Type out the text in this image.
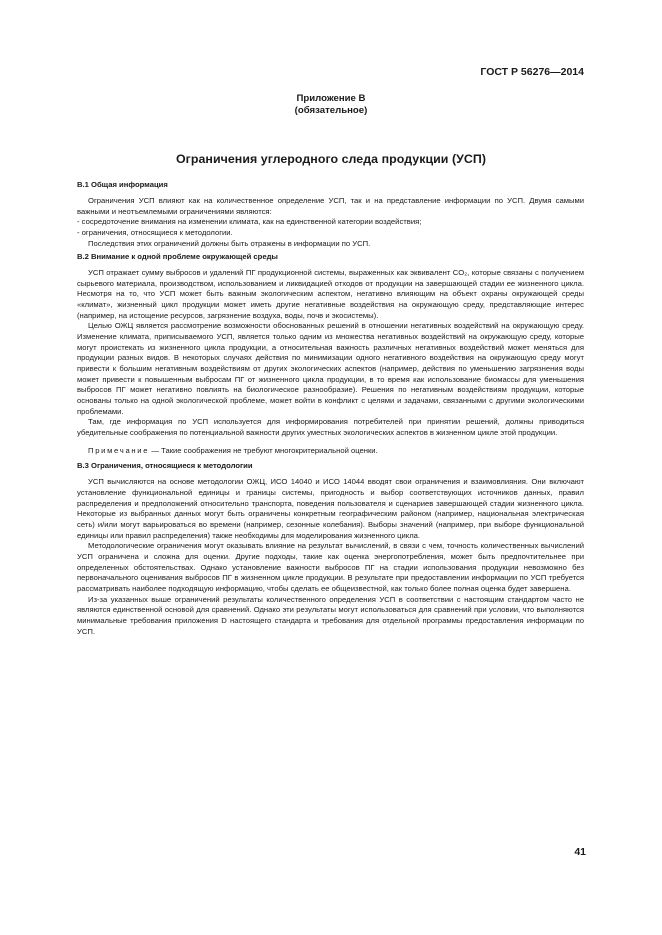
ГОСТ Р 56276—2014
Приложение В
(обязательное)
Ограничения углеродного следа продукции (УСП)

В.1 Общая информация

Ограничения УСП влияют как на количественное определение УСП, так и на представление информации по УСП. Двумя самыми важными и неотъемлемыми ограничениями являются:

- сосредоточение внимания на изменении климата, как на единственной категории воздействия;

- ограничения, относящиеся к методологии.

Последствия этих ограничений должны быть отражены в информации по УСП.

В.2 Внимание к одной проблеме окружающей среды

УСП отражает сумму выбросов и удалений ПГ продукционной системы, выраженных как эквивалент CO₂, которые связаны с получением сырьевого материала, производством, использованием и ликвидацией отходов от продукции на завершающей стадии ее жизненного цикла. Несмотря на то, что УСП может быть важным экологическим аспектом, негативно влияющим на объект охраны окружающей среды «климат», жизненный цикл продукции может иметь другие негативные воздействия на окружающую среду, представляющие интерес (например, на истощение ресурсов, загрязнение воздуха, воды, почв и экосистемы).

Целью ОЖЦ является рассмотрение возможности обоснованных решений в отношении негативных воздействий на окружающую среду. Изменение климата, приписываемого УСП, является только одним из множества негативных воздействий на окружающую среду, которые могут проистекать из жизненного цикла продукции, а относительная важность различных негативных воздействий может меняться для продукции разных видов. В некоторых случаях действия по минимизации одного негативного воздействия на окружающую среду могут привести к большим негативным воздействиям от других экологических аспектов (например, действия по уменьшению загрязнения воды может привести к повышенным выбросам ПГ от жизненного цикла продукции, в то время как использование биомассы для уменьшения выбросов ПГ может негативно повлиять на биологическое разнообразие). Решения по негативным воздействиям продукции, которые основаны только на одной экологической проблеме, может войти в конфликт с целями и задачами, связанными с другими экологическими проблемами.

Там, где информация по УСП используется для информирования потребителей при принятии решений, должны приводиться убедительные соображения по потенциальной важности других уместных экологических аспектов в жизненном цикле этой продукции.

Примечание — Такие соображения не требуют многокритериальной оценки.

В.3 Ограничения, относящиеся к методологии

УСП вычисляются на основе методологии ОЖЦ, ИСО 14040 и ИСО 14044 вводят свои ограничения и взаимовлияния. Они включают установление функциональной единицы и границы системы, пригодность и выбор соответствующих источников данных, правил распределения и предположений относительно транспорта, поведения пользователя и сценариев завершающей стадии жизненного цикла. Некоторые из выбранных данных могут быть ограничены конкретным географическим районом (например, национальная электрическая сеть) и/или могут варьироваться во времени (например, сезонные колебания). Выборы значений (например, при выборе функциональной единицы или правил распределения) также необходимы для моделирования жизненного цикла.

Методологические ограничения могут оказывать влияние на результат вычислений, в связи с чем, точность количественных вычислений УСП ограничена и сложна для оценки. Другие подходы, такие как оценка энергопотребления, может быть предпочтительнее при определенных обстоятельствах. Однако установление важности выбросов ПГ на стадии использования продукции невозможно без первоначального оценивания выбросов ПГ в жизненном цикле продукции. В результате при предоставлении информации по УСП требуется рассматривать наиболее подходящую информацию, чтобы сделать ее общеизвестной, как только более полная оценка будет завершена.

Из-за указанных выше ограничений результаты количественного определения УСП в соответствии с настоящим стандартом часто не являются единственной основой для сравнений. Однако эти результаты могут использоваться для сравнений при условии, что выполняются минимальные требования приложения D настоящего стандарта и требования для отдельной программы предоставления информации по УСП.

41
